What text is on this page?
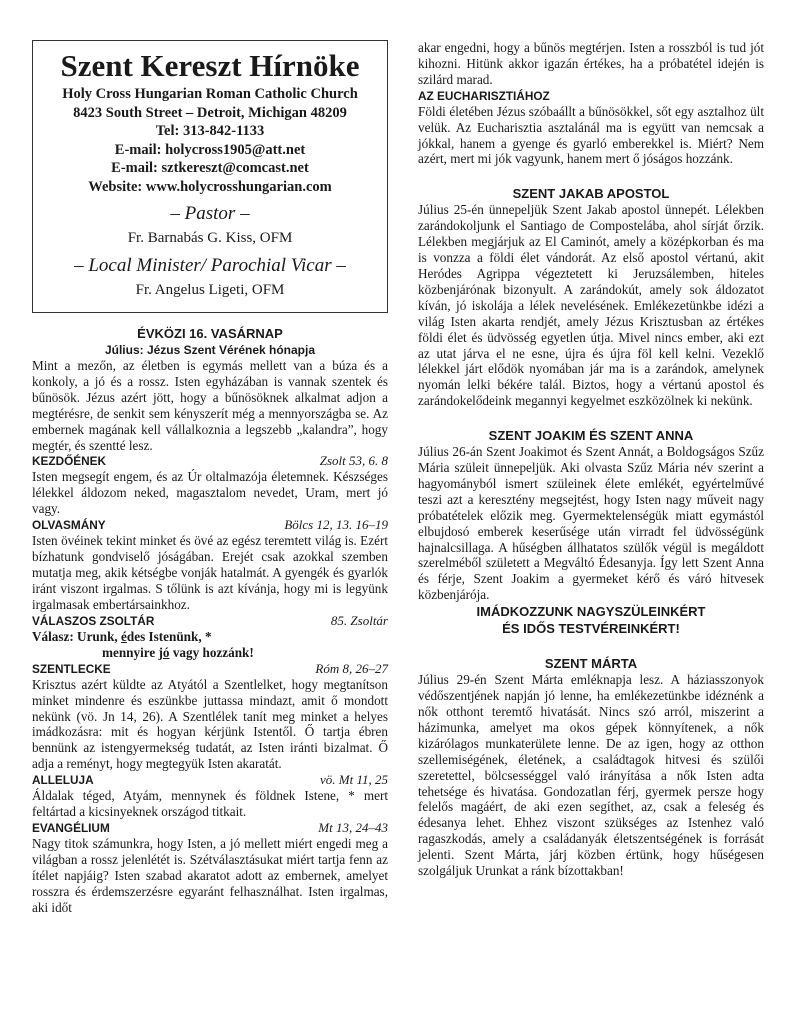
Szent Kereszt Hírnöke
Holy Cross Hungarian Roman Catholic Church
8423 South Street – Detroit, Michigan 48209
Tel: 313-842-1133
E-mail: holycross1905@att.net
E-mail: sztkereszt@comcast.net
Website: www.holycrosshungarian.com
– Pastor –
Fr. Barnabás G. Kiss, OFM
– Local Minister/ Parochial Vicar –
Fr. Angelus Ligeti, OFM
ÉVKÖZI 16. VASÁRNAP
Július: Jézus Szent Vérének hónapja

Mint a mezőn, az életben is egymás mellett van a búza és a konkoly, a jó és a rossz. Isten egyházában is vannak szentek és bűnösök. Jézus azért jött, hogy a bűnösöknek alkalmat adjon a megtérésre, de senkit sem kényszerít még a mennyországba se. Az embernek magának kell vállalkoznia a legszebb „kalandra”, hogy megtér, és szentté lesz.

KEZDŐÉNEK	Zsolt 53, 6. 8

Isten megsegít engem, és az Úr oltalmazója életemnek. Készséges lélekkel áldozom neked, magasztalom nevedet, Uram, mert jó vagy.

OLVASMÁNY	Bölcs 12, 13. 16–19

Isten övéinek tekint minket és övé az egész teremtett világ is. Ezért bízhatunk gondviselő jóságában. Erejét csak azokkal szemben mutatja meg, akik kétségbe vonják hatalmát. A gyengék és gyarlók iránt viszont irgalmas. S tőlünk is azt kívánja, hogy mi is legyünk irgalmasak embertársainkhoz.

VÁLASZOS ZSOLTÁR	85. Zsoltár

Válasz: Urunk, édes Istenünk, *

mennyire jó vagy hozzánk!

SZENTLECKE	Róm 8, 26–27

Krisztus azért küldte az Atyától a Szentlelket, hogy megtanítson minket mindenre és eszünkbe juttassa mindazt, amit ő mondott nekünk (vö. Jn 14, 26). A Szentlélek tanít meg minket a helyes imádkozásra: mit és hogyan kérjünk Istentől. Ő tartja ébren bennünk az istengyermekség tudatát, az Isten iránti bizalmat. Ő adja a reményt, hogy megtegyük Isten akaratát.

ALLELUJA	vö. Mt 11, 25

Áldalak téged, Atyám, mennynek és földnek Istene, * mert feltártad a kicsinyeknek országod titkait.

EVANGÉLIUM	Mt 13, 24–43

Nagy titok számunkra, hogy Isten, a jó mellett miért engedi meg a világban a rossz jelenlétét is. Szétválasztásukat miért tartja fenn az ítélet napjáig? Isten szabad akaratot adott az embernek, amelyet rosszra és érdemszerzésre egyaránt felhasználhat. Isten irgalmas, aki időt

akar engedni, hogy a bűnös megtérjen. Isten a rosszból is tud jót kihozni. Hitünk akkor igazán értékes, ha a próbatétel idején is szilárd marad.

AZ EUCHARISZTIÁHOZ

Földi életében Jézus szóbaállt a bűnösökkel, sőt egy asztalhoz ült velük. Az Eucharisztia asztalánál ma is együtt van nemcsak a jókkal, hanem a gyenge és gyarló emberekkel is. Miért? Nem azért, mert mi jók vagyunk, hanem mert ő jóságos hozzánk.

SZENT JAKAB APOSTOL

Július 25-én ünnepeljük Szent Jakab apostol ünnepét. Lélekben zarándokoljunk el Santiago de Compostelába, ahol sírját őrzik. Lélekben megjárjuk az El Caminót, amely a középkorban és ma is vonzza a földi élet vándorát. Az első apostol vértanú, akit Heródes Agrippa végeztetett ki Jeruzsálemben, hiteles közbenjárónak bizonyult. A zarándokút, amely sok áldozatot kíván, jó iskolája a lélek nevelésének. Emlékezetünkbe idézi a világ Isten akarta rendjét, amely Jézus Krisztusban az értékes földi élet és üdvösség egyetlen útja. Mivel nincs ember, aki ezt az utat járva el ne esne, újra és újra föl kell kelni. Vezeklő lélekkel járt elődök nyomában jár ma is a zarándok, amelynek nyomán lelki békére talál. Biztos, hogy a vértanú apostol és zarándokelődeink megannyi kegyelmet eszközölnek ki nekünk.

SZENT JOAKIM ÉS SZENT ANNA

Július 26-án Szent Joakimot és Szent Annát, a Boldogságos Szűz Mária szüleit ünnepeljük. Aki olvasta Szűz Mária név szerint a hagyományból ismert szüleinek élete emlékét, egyértelművé teszi azt a keresztény megsejtést, hogy Isten nagy műveit nagy próbatételek előzik meg. Gyermektelenségük miatt egymástól elbujdosó emberek keserűsége után virradt fel üdvösségünk hajnalcsillaga. A hűségben állhatatos szülők végül is megáldott szerelméből született a Megváltó Édesanyja. Így lett Szent Anna és férje, Szent Joakim a gyermeket kérő és váró hitvesek közbenjárója.

IMÁDKOZZUNK NAGYSZÜLEINKÉRT
ÉS IDŐS TESTVÉREINKÉRT!
SZENT MÁRTA

Július 29-én Szent Márta emléknapja lesz. A háziasszonyok védőszentjének napján jó lenne, ha emlékezetünkbe idéznénk a nők otthont teremtő hivatását. Nincs szó arról, miszerint a házimunka, amelyet ma okos gépek könnyítenek, a nők kizárólagos munkaterülete lenne. De az igen, hogy az otthon szellemiségének, életének, a családtagok hitvesi és szülői szeretettel, bölcsességgel való irányítása a nők Isten adta tehetsége és hivatása. Gondozatlan férj, gyermek persze hogy felelős magáért, de aki ezen segíthet, az, csak a feleség és édesanya lehet. Ehhez viszont szükséges az Istenhez való ragaszkodás, amely a családanyák életszentségének is forrását jelenti. Szent Márta, járj közben értünk, hogy hűségesen szolgáljuk Urunkat a ránk bízottakban!
